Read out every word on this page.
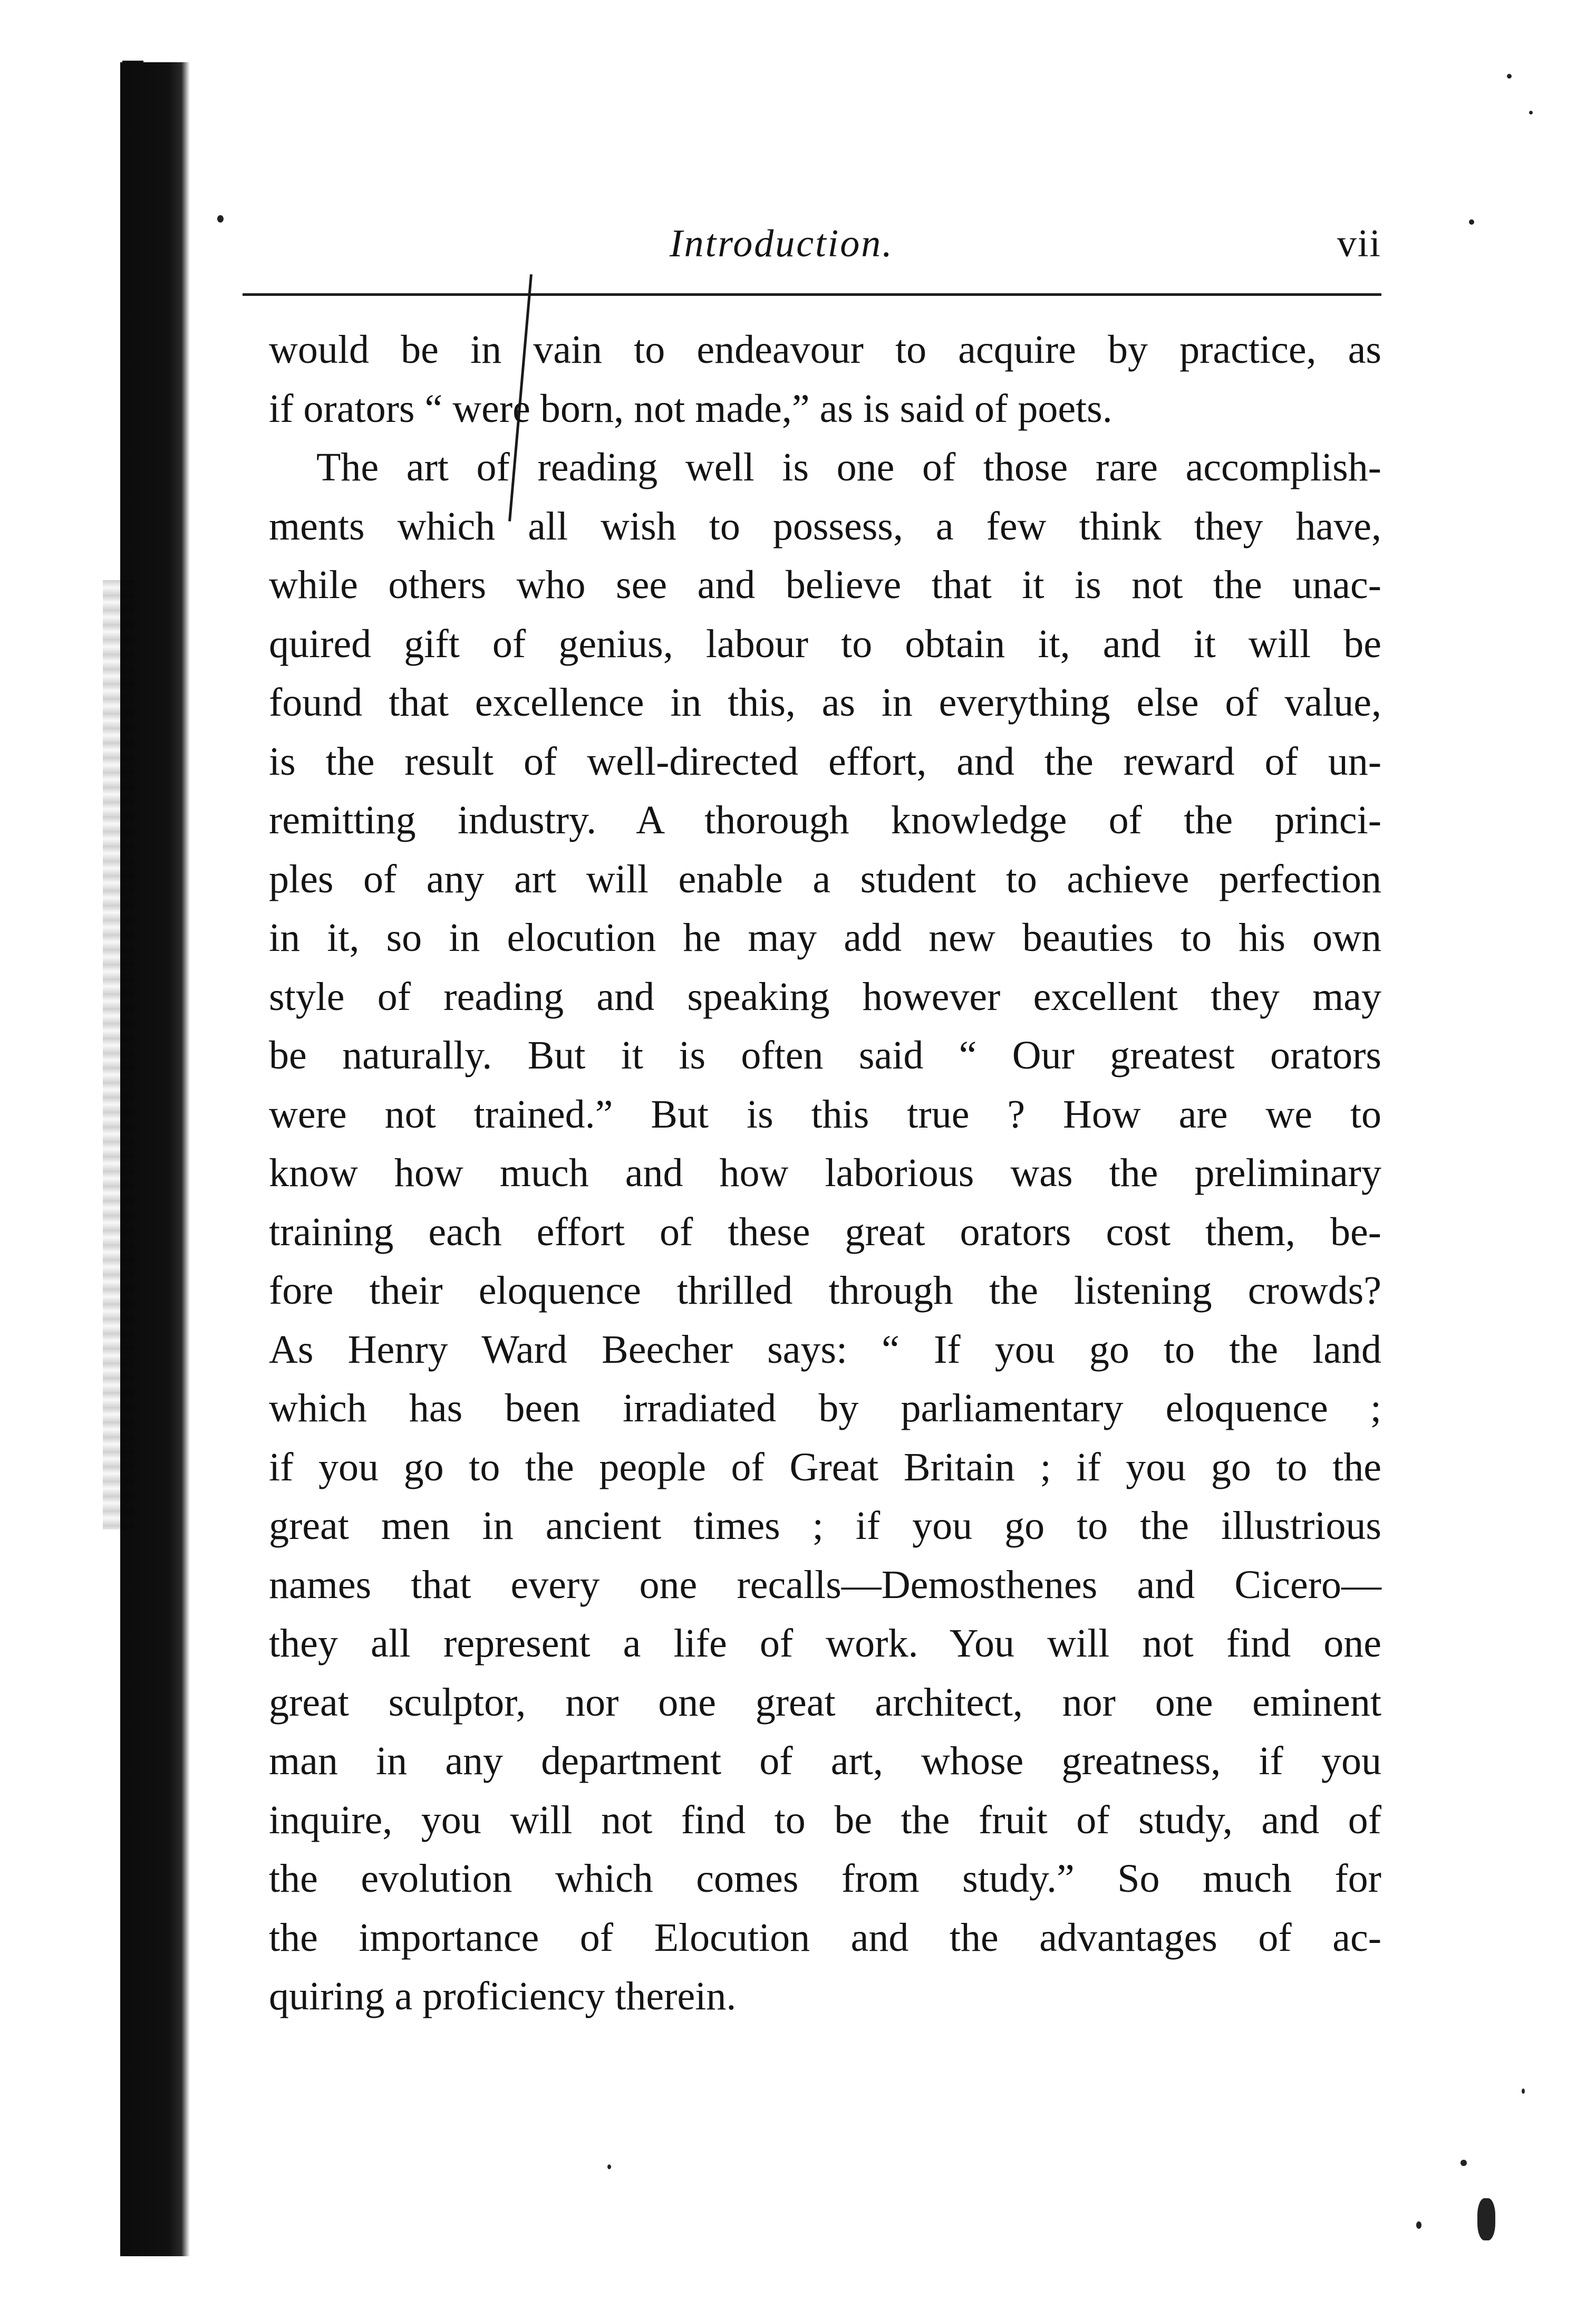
Introduction.	vii
would be in vain to endeavour to acquire by practice, as
if orators “ were born, not made,” as is said of poets.
The art of reading well is one of those rare accomplish-
ments which all wish to possess, a few think they have,
while others who see and believe that it is not the unac-
quired gift of genius, labour to obtain it, and it will be
found that excellence in this, as in everything else of value,
is the result of well-directed effort, and the reward of un-
remitting industry. A thorough knowledge of the princi-
ples of any art will enable a student to achieve perfection
in it, so in elocution he may add new beauties to his own
style of reading and speaking however excellent they may
be naturally. But it is often said “ Our greatest orators
were not trained.” But is this true ? How are we to
know how much and how laborious was the preliminary
training each effort of these great orators cost them, be-
fore their eloquence thrilled through the listening crowds?
As Henry Ward Beecher says: “ If you go to the land
which has been irradiated by parliamentary eloquence ;
if you go to the people of Great Britain ; if you go to the
great men in ancient times ; if you go to the illustrious
names that every one recalls—Demosthenes and Cicero—
they all represent a life of work. You will not find one
great sculptor, nor one great architect, nor one eminent
man in any department of art, whose greatness, if you
inquire, you will not find to be the fruit of study, and of
the evolution which comes from study.” So much for
the importance of Elocution and the advantages of ac-
quiring a proficiency therein.
